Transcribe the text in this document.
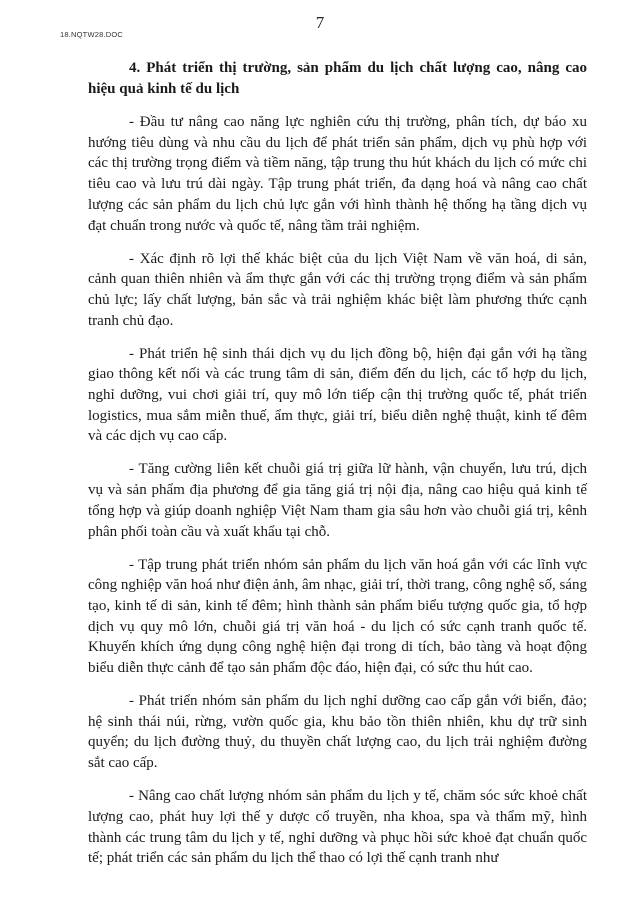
18.NQTW28.DOC
7

4. Phát triển thị trường, sản phẩm du lịch chất lượng cao, nâng cao hiệu quả kinh tế du lịch

- Đầu tư nâng cao năng lực nghiên cứu thị trường, phân tích, dự báo xu hướng tiêu dùng và nhu cầu du lịch để phát triển sản phẩm, dịch vụ phù hợp với các thị trường trọng điểm và tiềm năng, tập trung thu hút khách du lịch có mức chi tiêu cao và lưu trú dài ngày. Tập trung phát triển, đa dạng hoá và nâng cao chất lượng các sản phẩm du lịch chủ lực gắn với hình thành hệ thống hạ tầng dịch vụ đạt chuẩn trong nước và quốc tế, nâng tầm trải nghiệm.

- Xác định rõ lợi thế khác biệt của du lịch Việt Nam về văn hoá, di sản, cảnh quan thiên nhiên và ẩm thực gắn với các thị trường trọng điểm và sản phẩm chủ lực; lấy chất lượng, bản sắc và trải nghiệm khác biệt làm phương thức cạnh tranh chủ đạo.

- Phát triển hệ sinh thái dịch vụ du lịch đồng bộ, hiện đại gắn với hạ tầng giao thông kết nối và các trung tâm di sản, điểm đến du lịch, các tổ hợp du lịch, nghỉ dưỡng, vui chơi giải trí, quy mô lớn tiếp cận thị trường quốc tế, phát triển logistics, mua sắm miễn thuế, ẩm thực, giải trí, biểu diễn nghệ thuật, kinh tế đêm và các dịch vụ cao cấp.

- Tăng cường liên kết chuỗi giá trị giữa lữ hành, vận chuyển, lưu trú, dịch vụ và sản phẩm địa phương để gia tăng giá trị nội địa, nâng cao hiệu quả kinh tế tổng hợp và giúp doanh nghiệp Việt Nam tham gia sâu hơn vào chuỗi giá trị, kênh phân phối toàn cầu và xuất khẩu tại chỗ.

- Tập trung phát triển nhóm sản phẩm du lịch văn hoá gắn với các lĩnh vực công nghiệp văn hoá như điện ảnh, âm nhạc, giải trí, thời trang, công nghệ số, sáng tạo, kinh tế di sản, kinh tế đêm; hình thành sản phẩm biểu tượng quốc gia, tổ hợp dịch vụ quy mô lớn, chuỗi giá trị văn hoá - du lịch có sức cạnh tranh quốc tế. Khuyến khích ứng dụng công nghệ hiện đại trong di tích, bảo tàng và hoạt động biểu diễn thực cảnh để tạo sản phẩm độc đáo, hiện đại, có sức thu hút cao.

- Phát triển nhóm sản phẩm du lịch nghỉ dưỡng cao cấp gắn với biển, đảo; hệ sinh thái núi, rừng, vườn quốc gia, khu bảo tồn thiên nhiên, khu dự trữ sinh quyển; du lịch đường thuỷ, du thuyền chất lượng cao, du lịch trải nghiệm đường sắt cao cấp.

- Nâng cao chất lượng nhóm sản phẩm du lịch y tế, chăm sóc sức khoẻ chất lượng cao, phát huy lợi thế y dược cổ truyền, nha khoa, spa và thẩm mỹ, hình thành các trung tâm du lịch y tế, nghỉ dưỡng và phục hồi sức khoẻ đạt chuẩn quốc tế; phát triển các sản phẩm du lịch thể thao có lợi thế cạnh tranh như
